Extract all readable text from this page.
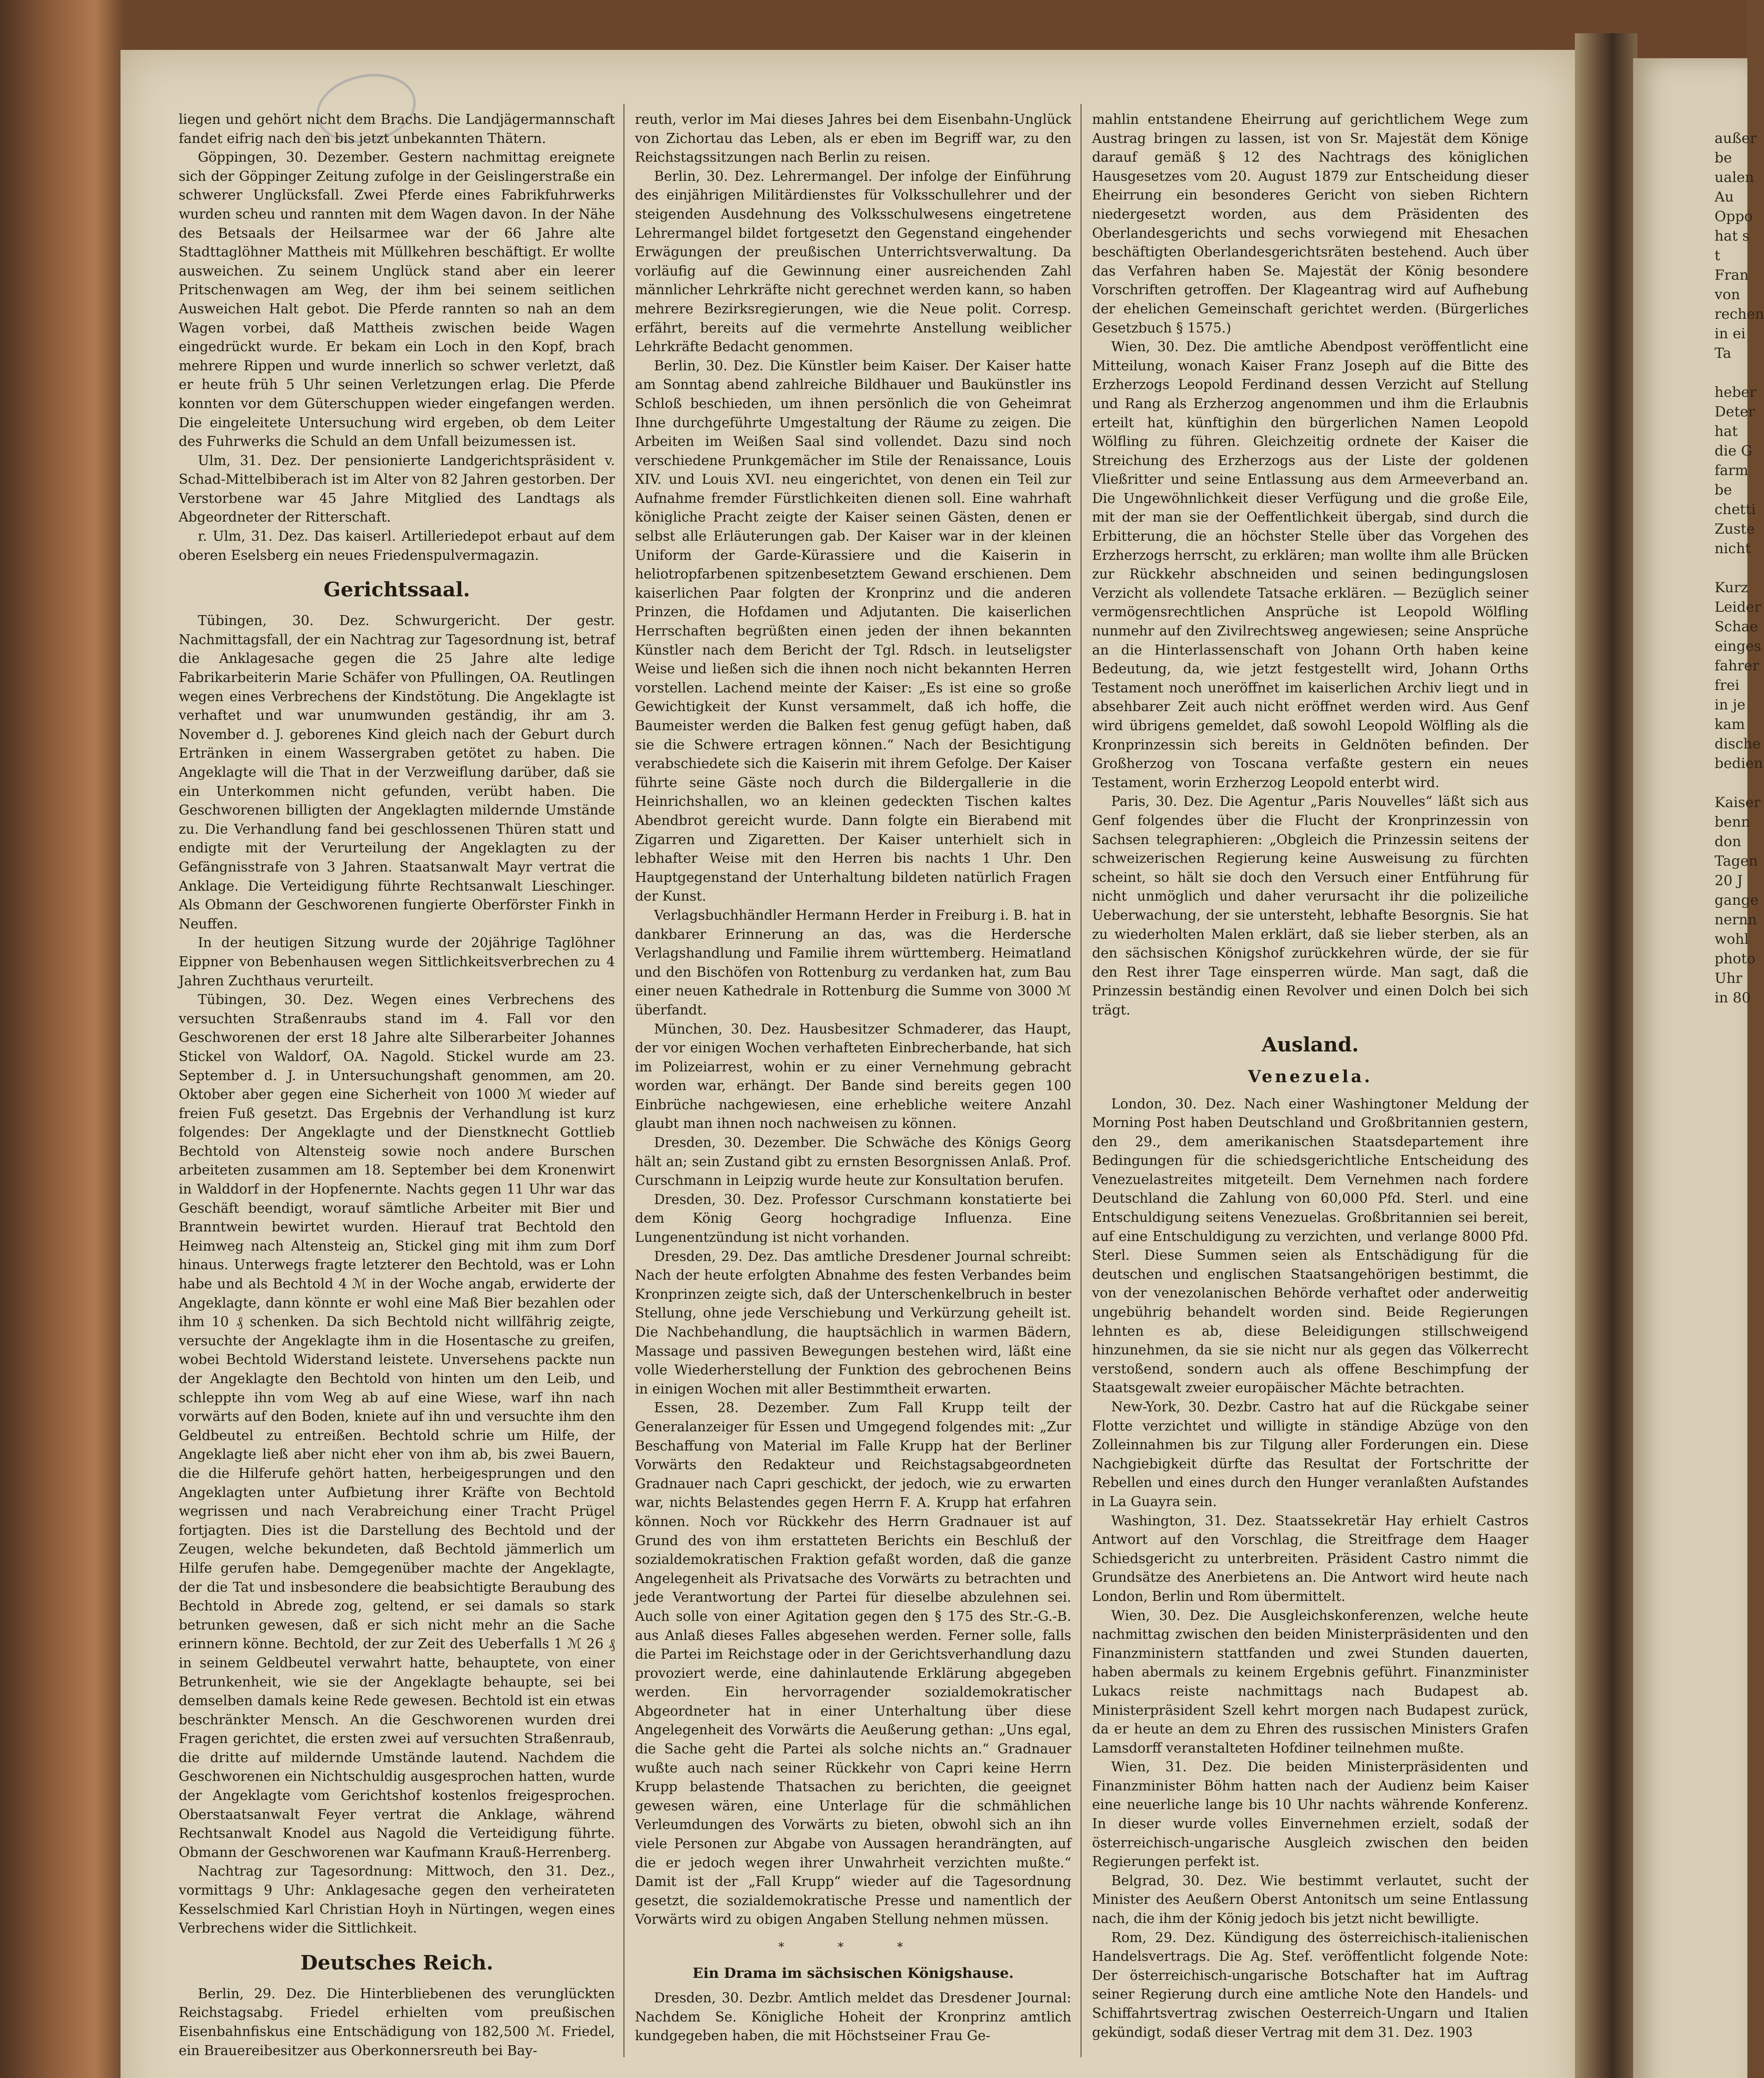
liegen und gehört nicht dem Brachs. Die Landjägermannschaft fandet eifrig nach den bis jetzt unbekannten Thätern.

Göppingen, 30. Dezember. Gestern nachmittag ereignete sich der Göppinger Zeitung zufolge in der Geislingerstraße ein schwerer Unglücksfall. Zwei Pferde eines Fabrikfuhrwerks wurden scheu und rannten mit dem Wagen davon. In der Nähe des Betsaals der Heilsarmee war der 66 Jahre alte Stadttaglöhner Mattheis mit Müllkehren beschäftigt. Er wollte ausweichen. Zu seinem Unglück stand aber ein leerer Pritschenwagen am Weg, der ihm bei seinem seitlichen Ausweichen Halt gebot. Die Pferde rannten so nah an dem Wagen vorbei, daß Mattheis zwischen beide Wagen eingedrückt wurde. Er bekam ein Loch in den Kopf, brach mehrere Rippen und wurde innerlich so schwer verletzt, daß er heute früh 5 Uhr seinen Verletzungen erlag. Die Pferde konnten vor dem Güterschuppen wieder eingefangen werden. Die eingeleitete Untersuchung wird ergeben, ob dem Leiter des Fuhrwerks die Schuld an dem Unfall beizumessen ist.

Ulm, 31. Dez. Der pensionierte Landgerichtspräsident v. Schad-Mittelbiberach ist im Alter von 82 Jahren gestorben. Der Verstorbene war 45 Jahre Mitglied des Landtags als Abgeordneter der Ritterschaft.

r. Ulm, 31. Dez. Das kaiserl. Artilleriedepot erbaut auf dem oberen Eselsberg ein neues Friedenspulvermagazin.

Gerichtssaal.

Tübingen, 30. Dez. Schwurgericht. Der gestr. Nachmittagsfall, der ein Nachtrag zur Tagesordnung ist, betraf die Anklagesache gegen die 25 Jahre alte ledige Fabrikarbeiterin Marie Schäfer von Pfullingen, OA. Reutlingen wegen eines Verbrechens der Kindstötung. Die Angeklagte ist verhaftet und war unumwunden geständig, ihr am 3. November d. J. geborenes Kind gleich nach der Geburt durch Ertränken in einem Wassergraben getötet zu haben. Die Angeklagte will die That in der Verzweiflung darüber, daß sie ein Unterkommen nicht gefunden, verübt haben. Die Geschworenen billigten der Angeklagten mildernde Umstände zu. Die Verhandlung fand bei geschlossenen Thüren statt und endigte mit der Verurteilung der Angeklagten zu der Gefängnisstrafe von 3 Jahren. Staatsanwalt Mayr vertrat die Anklage. Die Verteidigung führte Rechtsanwalt Lieschinger. Als Obmann der Geschworenen fungierte Oberförster Finkh in Neuffen.

In der heutigen Sitzung wurde der 20jährige Taglöhner Eippner von Bebenhausen wegen Sittlichkeitsverbrechen zu 4 Jahren Zuchthaus verurteilt.

Tübingen, 30. Dez. Wegen eines Verbrechens des versuchten Straßenraubs stand im 4. Fall vor den Geschworenen der erst 18 Jahre alte Silberarbeiter Johannes Stickel von Waldorf, OA. Nagold. Stickel wurde am 23. September d. J. in Untersuchungshaft genommen, am 20. Oktober aber gegen eine Sicherheit von 1000 ℳ wieder auf freien Fuß gesetzt. Das Ergebnis der Verhandlung ist kurz folgendes: Der Angeklagte und der Dienstknecht Gottlieb Bechtold von Altensteig sowie noch andere Burschen arbeiteten zusammen am 18. September bei dem Kronenwirt in Walddorf in der Hopfenernte. Nachts gegen 11 Uhr war das Geschäft beendigt, worauf sämtliche Arbeiter mit Bier und Branntwein bewirtet wurden. Hierauf trat Bechtold den Heimweg nach Altensteig an, Stickel ging mit ihm zum Dorf hinaus. Unterwegs fragte letzterer den Bechtold, was er Lohn habe und als Bechtold 4 ℳ in der Woche angab, erwiderte der Angeklagte, dann könnte er wohl eine Maß Bier bezahlen oder ihm 10 ₰ schenken. Da sich Bechtold nicht willfährig zeigte, versuchte der Angeklagte ihm in die Hosentasche zu greifen, wobei Bechtold Widerstand leistete. Unversehens packte nun der Angeklagte den Bechtold von hinten um den Leib, und schleppte ihn vom Weg ab auf eine Wiese, warf ihn nach vorwärts auf den Boden, kniete auf ihn und versuchte ihm den Geldbeutel zu entreißen. Bechtold schrie um Hilfe, der Angeklagte ließ aber nicht eher von ihm ab, bis zwei Bauern, die die Hilferufe gehört hatten, herbeigesprungen und den Angeklagten unter Aufbietung ihrer Kräfte von Bechtold wegrissen und nach Verabreichung einer Tracht Prügel fortjagten. Dies ist die Darstellung des Bechtold und der Zeugen, welche bekundeten, daß Bechtold jämmerlich um Hilfe gerufen habe. Demgegenüber machte der Angeklagte, der die Tat und insbesondere die beabsichtigte Beraubung des Bechtold in Abrede zog, geltend, er sei damals so stark betrunken gewesen, daß er sich nicht mehr an die Sache erinnern könne. Bechtold, der zur Zeit des Ueberfalls 1 ℳ 26 ₰ in seinem Geldbeutel verwahrt hatte, behauptete, von einer Betrunkenheit, wie sie der Angeklagte behaupte, sei bei demselben damals keine Rede gewesen. Bechtold ist ein etwas beschränkter Mensch. An die Geschworenen wurden drei Fragen gerichtet, die ersten zwei auf versuchten Straßenraub, die dritte auf mildernde Umstände lautend. Nachdem die Geschworenen ein Nichtschuldig ausgesprochen hatten, wurde der Angeklagte vom Gerichtshof kostenlos freigesprochen. Oberstaatsanwalt Feyer vertrat die Anklage, während Rechtsanwalt Knodel aus Nagold die Verteidigung führte. Obmann der Geschworenen war Kaufmann Krauß-Herrenberg.

Nachtrag zur Tagesordnung: Mittwoch, den 31. Dez., vormittags 9 Uhr: Anklagesache gegen den verheirateten Kesselschmied Karl Christian Hoyh in Nürtingen, wegen eines Verbrechens wider die Sittlichkeit.

Deutsches Reich.

Berlin, 29. Dez. Die Hinterbliebenen des verunglückten Reichstagsabg. Friedel erhielten vom preußischen Eisenbahnfiskus eine Entschädigung von 182,500 ℳ. Friedel, ein Brauereibesitzer aus Oberkonnersreuth bei Bay-

reuth, verlor im Mai dieses Jahres bei dem Eisenbahn-Unglück von Zichortau das Leben, als er eben im Begriff war, zu den Reichstagssitzungen nach Berlin zu reisen.

Berlin, 30. Dez. Lehrermangel. Der infolge der Einführung des einjährigen Militärdienstes für Volksschullehrer und der steigenden Ausdehnung des Volksschulwesens eingetretene Lehrermangel bildet fortgesetzt den Gegenstand eingehender Erwägungen der preußischen Unterrichtsverwaltung. Da vorläufig auf die Gewinnung einer ausreichenden Zahl männlicher Lehrkräfte nicht gerechnet werden kann, so haben mehrere Bezirksregierungen, wie die Neue polit. Corresp. erfährt, bereits auf die vermehrte Anstellung weiblicher Lehrkräfte Bedacht genommen.

Berlin, 30. Dez. Die Künstler beim Kaiser. Der Kaiser hatte am Sonntag abend zahlreiche Bildhauer und Baukünstler ins Schloß beschieden, um ihnen persönlich die von Geheimrat Ihne durchgeführte Umgestaltung der Räume zu zeigen. Die Arbeiten im Weißen Saal sind vollendet. Dazu sind noch verschiedene Prunkgemächer im Stile der Renaissance, Louis XIV. und Louis XVI. neu eingerichtet, von denen ein Teil zur Aufnahme fremder Fürstlichkeiten dienen soll. Eine wahrhaft königliche Pracht zeigte der Kaiser seinen Gästen, denen er selbst alle Erläuterungen gab. Der Kaiser war in der kleinen Uniform der Garde-Kürassiere und die Kaiserin in heliotropfarbenen spitzenbesetztem Gewand erschienen. Dem kaiserlichen Paar folgten der Kronprinz und die anderen Prinzen, die Hofdamen und Adjutanten. Die kaiserlichen Herrschaften begrüßten einen jeden der ihnen bekannten Künstler nach dem Bericht der Tgl. Rdsch. in leutseligster Weise und ließen sich die ihnen noch nicht bekannten Herren vorstellen. Lachend meinte der Kaiser: „Es ist eine so große Gewichtigkeit der Kunst versammelt, daß ich hoffe, die Baumeister werden die Balken fest genug gefügt haben, daß sie die Schwere ertragen können.“ Nach der Besichtigung verabschiedete sich die Kaiserin mit ihrem Gefolge. Der Kaiser führte seine Gäste noch durch die Bildergallerie in die Heinrichshallen, wo an kleinen gedeckten Tischen kaltes Abendbrot gereicht wurde. Dann folgte ein Bierabend mit Zigarren und Zigaretten. Der Kaiser unterhielt sich in lebhafter Weise mit den Herren bis nachts 1 Uhr. Den Hauptgegenstand der Unterhaltung bildeten natürlich Fragen der Kunst.

Verlagsbuchhändler Hermann Herder in Freiburg i. B. hat in dankbarer Erinnerung an das, was die Herdersche Verlagshandlung und Familie ihrem württemberg. Heimatland und den Bischöfen von Rottenburg zu verdanken hat, zum Bau einer neuen Kathedrale in Rottenburg die Summe von 3000 ℳ überfandt.

München, 30. Dez. Hausbesitzer Schmaderer, das Haupt, der vor einigen Wochen verhafteten Einbrecherbande, hat sich im Polizeiarrest, wohin er zu einer Vernehmung gebracht worden war, erhängt. Der Bande sind bereits gegen 100 Einbrüche nachgewiesen, eine erhebliche weitere Anzahl glaubt man ihnen noch nachweisen zu können.

Dresden, 30. Dezember. Die Schwäche des Königs Georg hält an; sein Zustand gibt zu ernsten Besorgnissen Anlaß. Prof. Curschmann in Leipzig wurde heute zur Konsultation berufen.

Dresden, 30. Dez. Professor Curschmann konstatierte bei dem König Georg hochgradige Influenza. Eine Lungenentzündung ist nicht vorhanden.

Dresden, 29. Dez. Das amtliche Dresdener Journal schreibt: Nach der heute erfolgten Abnahme des festen Verbandes beim Kronprinzen zeigte sich, daß der Unterschenkelbruch in bester Stellung, ohne jede Verschiebung und Verkürzung geheilt ist. Die Nachbehandlung, die hauptsächlich in warmen Bädern, Massage und passiven Bewegungen bestehen wird, läßt eine volle Wiederherstellung der Funktion des gebrochenen Beins in einigen Wochen mit aller Bestimmtheit erwarten.

Essen, 28. Dezember. Zum Fall Krupp teilt der Generalanzeiger für Essen und Umgegend folgendes mit: „Zur Beschaffung von Material im Falle Krupp hat der Berliner Vorwärts den Redakteur und Reichstagsabgeordneten Gradnauer nach Capri geschickt, der jedoch, wie zu erwarten war, nichts Belastendes gegen Herrn F. A. Krupp hat erfahren können. Noch vor Rückkehr des Herrn Gradnauer ist auf Grund des von ihm erstatteten Berichts ein Beschluß der sozialdemokratischen Fraktion gefaßt worden, daß die ganze Angelegenheit als Privatsache des Vorwärts zu betrachten und jede Verantwortung der Partei für dieselbe abzulehnen sei. Auch solle von einer Agitation gegen den § 175 des Str.-G.-B. aus Anlaß dieses Falles abgesehen werden. Ferner solle, falls die Partei im Reichstage oder in der Gerichtsverhandlung dazu provoziert werde, eine dahinlautende Erklärung abgegeben werden. Ein hervorragender sozialdemokratischer Abgeordneter hat in einer Unterhaltung über diese Angelegenheit des Vorwärts die Aeußerung gethan: „Uns egal, die Sache geht die Partei als solche nichts an.“ Gradnauer wußte auch nach seiner Rückkehr von Capri keine Herrn Krupp belastende Thatsachen zu berichten, die geeignet gewesen wären, eine Unterlage für die schmählichen Verleumdungen des Vorwärts zu bieten, obwohl sich an ihn viele Personen zur Abgabe von Aussagen herandrängten, auf die er jedoch wegen ihrer Unwahrheit verzichten mußte.“ Damit ist der „Fall Krupp“ wieder auf die Tagesordnung gesetzt, die sozialdemokratische Presse und namentlich der Vorwärts wird zu obigen Angaben Stellung nehmen müssen.

* * *
Ein Drama im sächsischen Königshause.

Dresden, 30. Dezbr. Amtlich meldet das Dresdener Journal: Nachdem Se. Königliche Hoheit der Kronprinz amtlich kundgegeben haben, die mit Höchstseiner Frau Ge-

mahlin entstandene Eheirrung auf gerichtlichem Wege zum Austrag bringen zu lassen, ist von Sr. Majestät dem Könige darauf gemäß § 12 des Nachtrags des königlichen Hausgesetzes vom 20. August 1879 zur Entscheidung dieser Eheirrung ein besonderes Gericht von sieben Richtern niedergesetzt worden, aus dem Präsidenten des Oberlandesgerichts und sechs vorwiegend mit Ehesachen beschäftigten Oberlandesgerichtsräten bestehend. Auch über das Verfahren haben Se. Majestät der König besondere Vorschriften getroffen. Der Klageantrag wird auf Aufhebung der ehelichen Gemeinschaft gerichtet werden. (Bürgerliches Gesetzbuch § 1575.)

Wien, 30. Dez. Die amtliche Abendpost veröffentlicht eine Mitteilung, wonach Kaiser Franz Joseph auf die Bitte des Erzherzogs Leopold Ferdinand dessen Verzicht auf Stellung und Rang als Erzherzog angenommen und ihm die Erlaubnis erteilt hat, künftighin den bürgerlichen Namen Leopold Wölfling zu führen. Gleichzeitig ordnete der Kaiser die Streichung des Erzherzogs aus der Liste der goldenen Vließritter und seine Entlassung aus dem Armeeverband an. Die Ungewöhnlichkeit dieser Verfügung und die große Eile, mit der man sie der Oeffentlichkeit übergab, sind durch die Erbitterung, die an höchster Stelle über das Vorgehen des Erzherzogs herrscht, zu erklären; man wollte ihm alle Brücken zur Rückkehr abschneiden und seinen bedingungslosen Verzicht als vollendete Tatsache erklären. — Bezüglich seiner vermögensrechtlichen Ansprüche ist Leopold Wölfling nunmehr auf den Zivilrechtsweg angewiesen; seine Ansprüche an die Hinterlassenschaft von Johann Orth haben keine Bedeutung, da, wie jetzt festgestellt wird, Johann Orths Testament noch uneröffnet im kaiserlichen Archiv liegt und in absehbarer Zeit auch nicht eröffnet werden wird. Aus Genf wird übrigens gemeldet, daß sowohl Leopold Wölfling als die Kronprinzessin sich bereits in Geldnöten befinden. Der Großherzog von Toscana verfaßte gestern ein neues Testament, worin Erzherzog Leopold enterbt wird.

Paris, 30. Dez. Die Agentur „Paris Nouvelles“ läßt sich aus Genf folgendes über die Flucht der Kronprinzessin von Sachsen telegraphieren: „Obgleich die Prinzessin seitens der schweizerischen Regierung keine Ausweisung zu fürchten scheint, so hält sie doch den Versuch einer Entführung für nicht unmöglich und daher verursacht ihr die polizeiliche Ueberwachung, der sie untersteht, lebhafte Besorgnis. Sie hat zu wiederholten Malen erklärt, daß sie lieber sterben, als an den sächsischen Königshof zurückkehren würde, der sie für den Rest ihrer Tage einsperren würde. Man sagt, daß die Prinzessin beständig einen Revolver und einen Dolch bei sich trägt.

Ausland.
Venezuela.

London, 30. Dez. Nach einer Washingtoner Meldung der Morning Post haben Deutschland und Großbritannien gestern, den 29., dem amerikanischen Staatsdepartement ihre Bedingungen für die schiedsgerichtliche Entscheidung des Venezuelastreites mitgeteilt. Dem Vernehmen nach fordere Deutschland die Zahlung von 60,000 Pfd. Sterl. und eine Entschuldigung seitens Venezuelas. Großbritannien sei bereit, auf eine Entschuldigung zu verzichten, und verlange 8000 Pfd. Sterl. Diese Summen seien als Entschädigung für die deutschen und englischen Staatsangehörigen bestimmt, die von der venezolanischen Behörde verhaftet oder anderweitig ungebührig behandelt worden sind. Beide Regierungen lehnten es ab, diese Beleidigungen stillschweigend hinzunehmen, da sie sie nicht nur als gegen das Völkerrecht verstoßend, sondern auch als offene Beschimpfung der Staatsgewalt zweier europäischer Mächte betrachten.

New-York, 30. Dezbr. Castro hat auf die Rückgabe seiner Flotte verzichtet und willigte in ständige Abzüge von den Zolleinnahmen bis zur Tilgung aller Forderungen ein. Diese Nachgiebigkeit dürfte das Resultat der Fortschritte der Rebellen und eines durch den Hunger veranlaßten Aufstandes in La Guayra sein.

Washington, 31. Dez. Staatssekretär Hay erhielt Castros Antwort auf den Vorschlag, die Streitfrage dem Haager Schiedsgericht zu unterbreiten. Präsident Castro nimmt die Grundsätze des Anerbietens an. Die Antwort wird heute nach London, Berlin und Rom übermittelt.

Wien, 30. Dez. Die Ausgleichskonferenzen, welche heute nachmittag zwischen den beiden Ministerpräsidenten und den Finanzministern stattfanden und zwei Stunden dauerten, haben abermals zu keinem Ergebnis geführt. Finanzminister Lukacs reiste nachmittags nach Budapest ab. Ministerpräsident Szell kehrt morgen nach Budapest zurück, da er heute an dem zu Ehren des russischen Ministers Grafen Lamsdorff veranstalteten Hofdiner teilnehmen mußte.

Wien, 31. Dez. Die beiden Ministerpräsidenten und Finanzminister Böhm hatten nach der Audienz beim Kaiser eine neuerliche lange bis 10 Uhr nachts währende Konferenz. In dieser wurde volles Einvernehmen erzielt, sodaß der österreichisch-ungarische Ausgleich zwischen den beiden Regierungen perfekt ist.

Belgrad, 30. Dez. Wie bestimmt verlautet, sucht der Minister des Aeußern Oberst Antonitsch um seine Entlassung nach, die ihm der König jedoch bis jetzt nicht bewilligte.

Rom, 29. Dez. Kündigung des österreichisch-italienischen Handelsvertrags. Die Ag. Stef. veröffentlicht folgende Note: Der österreichisch-ungarische Botschafter hat im Auftrag seiner Regierung durch eine amtliche Note den Handels- und Schiffahrtsvertrag zwischen Oesterreich-Ungarn und Italien gekündigt, sodaß dieser Vertrag mit dem 31. Dez. 1903

außer
be
ualen
Au
Oppo
hat s
t
Fran
von
rechen
in ei
Ta

heber
Deter
hat
die G
farm
be
chetti
Zuste
nicht

Kurz
Leider
Schae
einges
fahrer
frei
in je
kam
dische
bedien

Kaiser
benn
don
Tagen
20 J
gange
nernn
wohl
photo
Uhr
in 80
